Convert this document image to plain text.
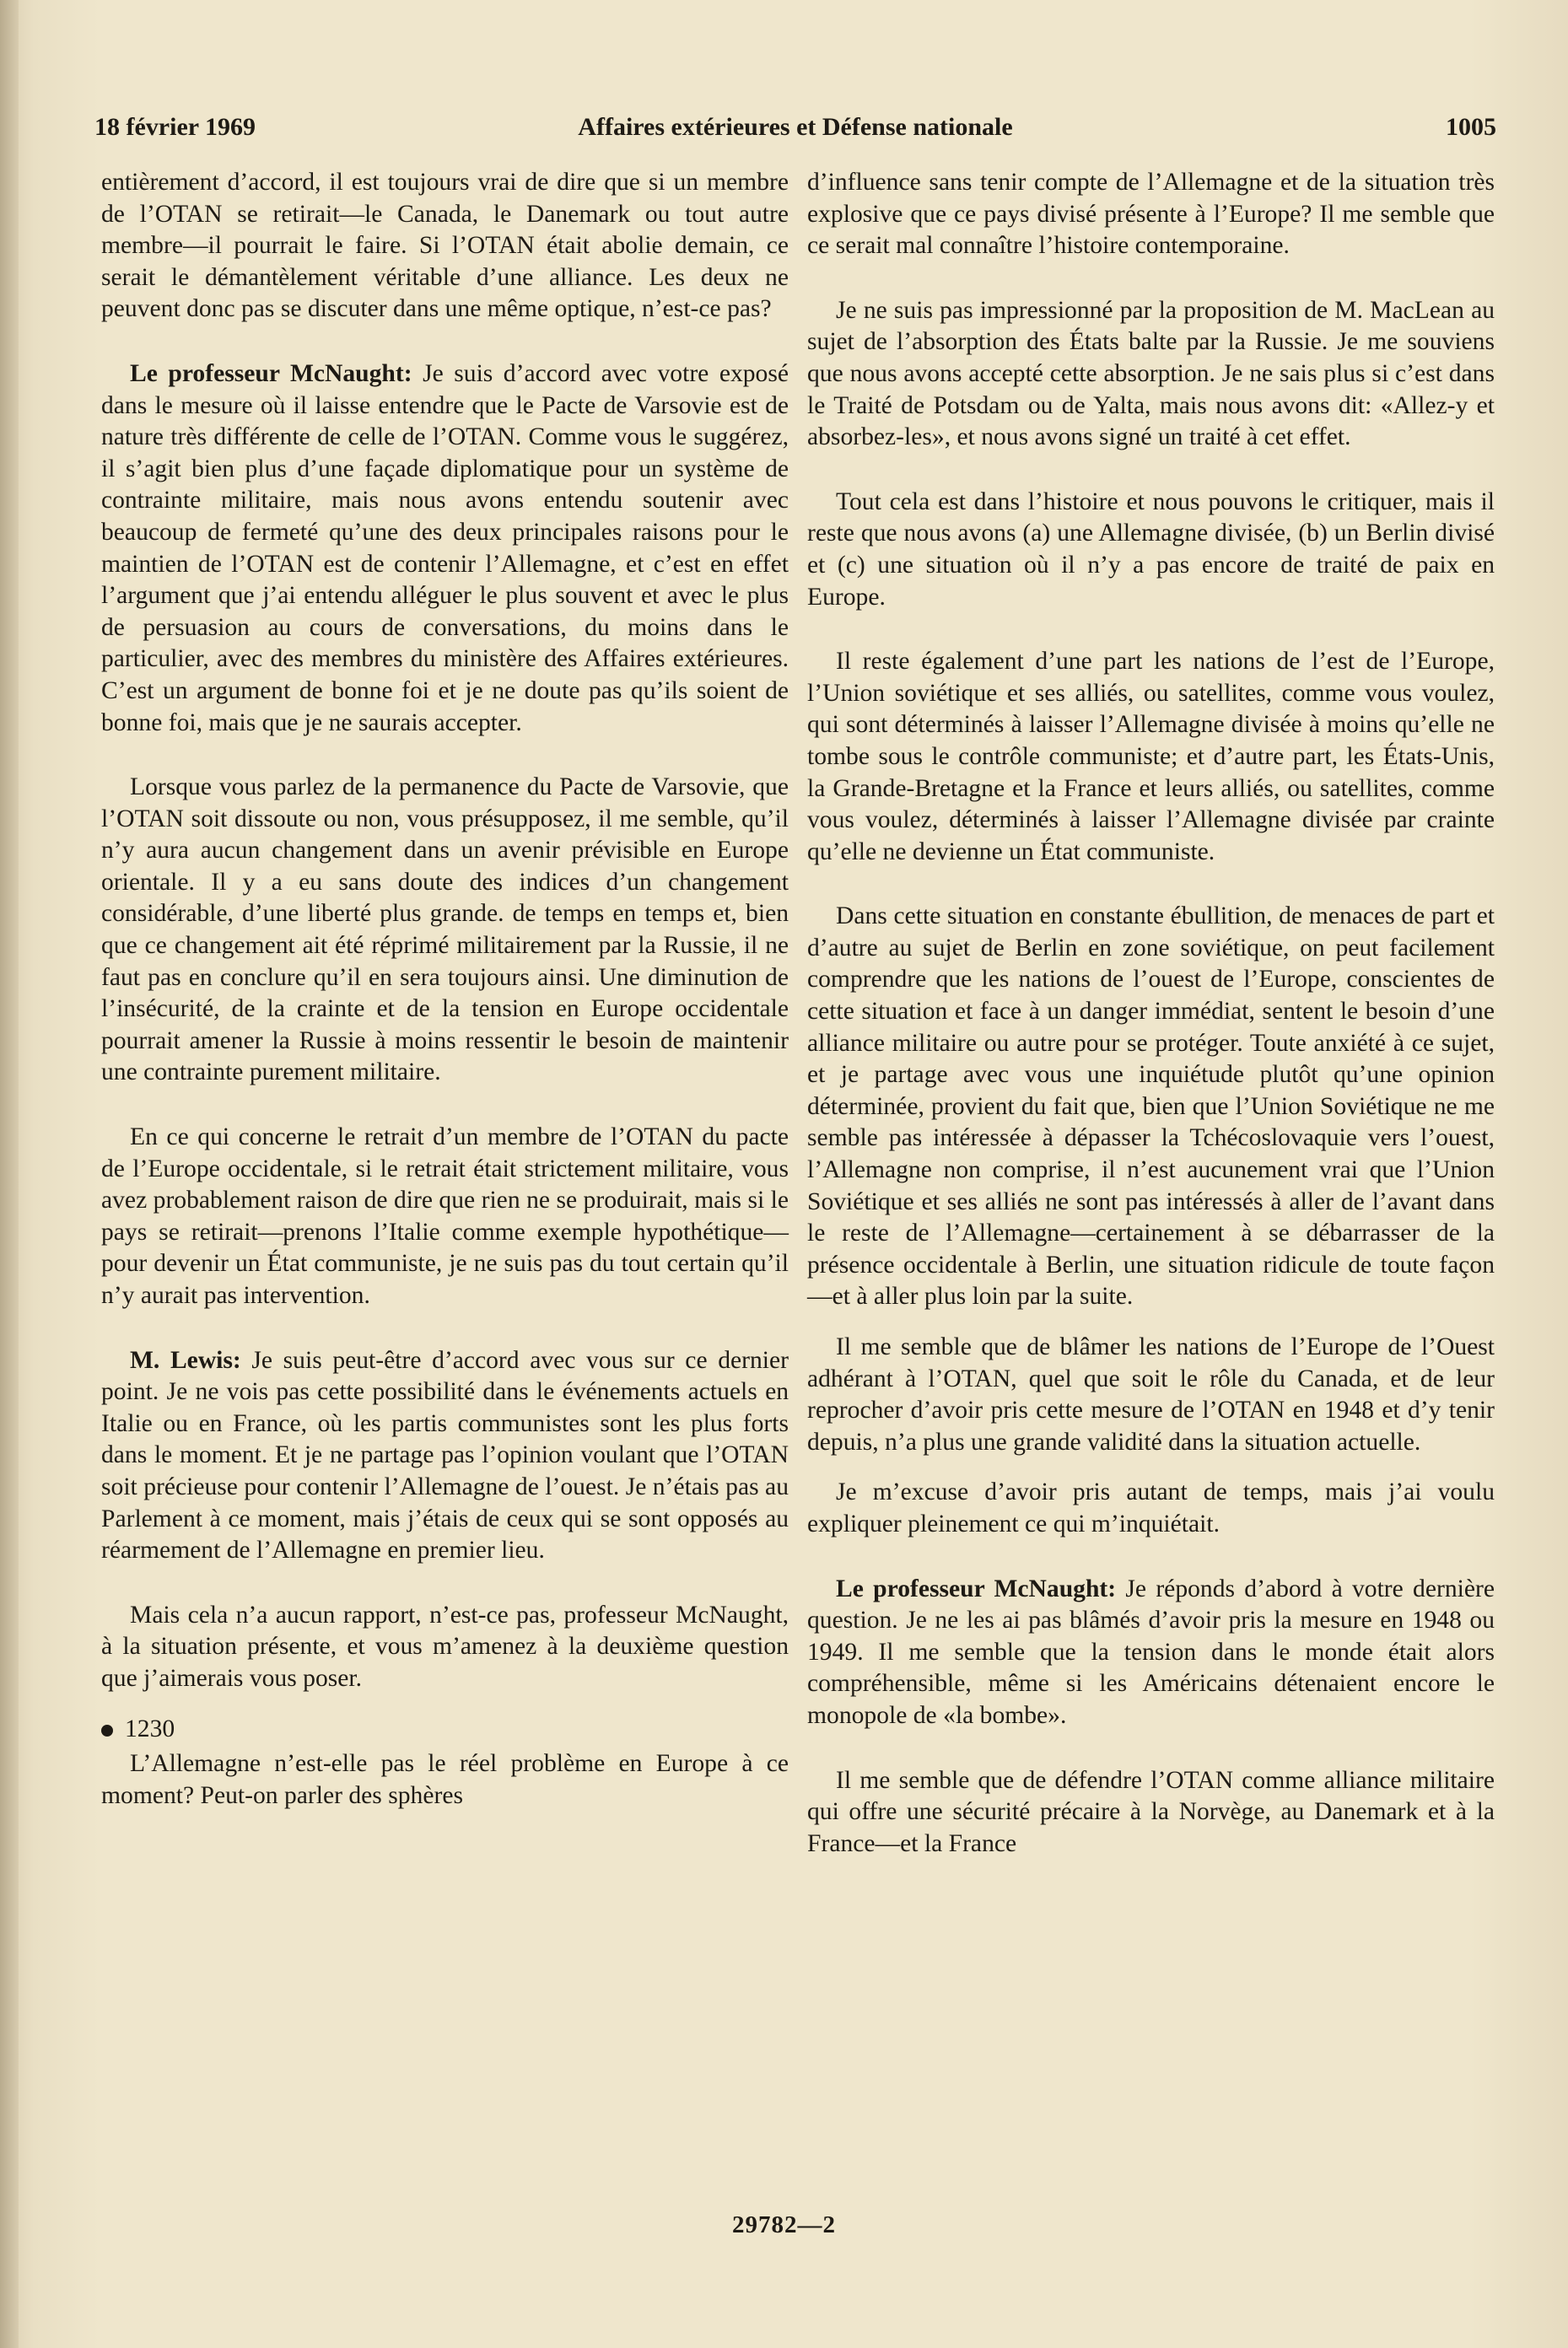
18 février 1969	Affaires extérieures et Défense nationale	1005

entièrement d’accord, il est toujours vrai de dire que si un membre de l’OTAN se retirait—le Canada, le Danemark ou tout autre membre—il pourrait le faire. Si l’OTAN était abolie demain, ce serait le démantèlement véritable d’une alliance. Les deux ne peuvent donc pas se discuter dans une même optique, n’est-ce pas?

Le professeur McNaught: Je suis d’accord avec votre exposé dans le mesure où il laisse entendre que le Pacte de Varsovie est de nature très différente de celle de l’OTAN. Comme vous le suggérez, il s’agit bien plus d’une façade diplomatique pour un système de contrainte militaire, mais nous avons entendu soutenir avec beaucoup de fermeté qu’une des deux principales raisons pour le maintien de l’OTAN est de contenir l’Allemagne, et c’est en effet l’argument que j’ai entendu alléguer le plus souvent et avec le plus de persuasion au cours de conversations, du moins dans le particulier, avec des membres du ministère des Affaires extérieures. C’est un argument de bonne foi et je ne doute pas qu’ils soient de bonne foi, mais que je ne saurais accepter.

Lorsque vous parlez de la permanence du Pacte de Varsovie, que l’OTAN soit dissoute ou non, vous présupposez, il me semble, qu’il n’y aura aucun changement dans un avenir prévisible en Europe orientale. Il y a eu sans doute des indices d’un changement considérable, d’une liberté plus grande. de temps en temps et, bien que ce changement ait été réprimé militairement par la Russie, il ne faut pas en conclure qu’il en sera toujours ainsi. Une diminution de l’insécurité, de la crainte et de la tension en Europe occidentale pourrait amener la Russie à moins ressentir le besoin de maintenir une contrainte purement militaire.

En ce qui concerne le retrait d’un membre de l’OTAN du pacte de l’Europe occidentale, si le retrait était strictement militaire, vous avez probablement raison de dire que rien ne se produirait, mais si le pays se retirait—prenons l’Italie comme exemple hypothétique—pour devenir un État communiste, je ne suis pas du tout certain qu’il n’y aurait pas intervention.

M. Lewis: Je suis peut-être d’accord avec vous sur ce dernier point. Je ne vois pas cette possibilité dans le événements actuels en Italie ou en France, où les partis communistes sont les plus forts dans le moment. Et je ne partage pas l’opinion voulant que l’OTAN soit précieuse pour contenir l’Allemagne de l’ouest. Je n’étais pas au Parlement à ce moment, mais j’étais de ceux qui se sont opposés au réarmement de l’Allemagne en premier lieu.

Mais cela n’a aucun rapport, n’est-ce pas, professeur McNaught, à la situation présente, et vous m’amenez à la deuxième question que j’aimerais vous poser.

1230

L’Allemagne n’est-elle pas le réel problème en Europe à ce moment? Peut-on parler des sphères

d’influence sans tenir compte de l’Allemagne et de la situation très explosive que ce pays divisé présente à l’Europe? Il me semble que ce serait mal connaître l’histoire contemporaine.

Je ne suis pas impressionné par la proposition de M. MacLean au sujet de l’absorption des États balte par la Russie. Je me souviens que nous avons accepté cette absorption. Je ne sais plus si c’est dans le Traité de Potsdam ou de Yalta, mais nous avons dit: «Allez-y et absorbez-les», et nous avons signé un traité à cet effet.

Tout cela est dans l’histoire et nous pouvons le critiquer, mais il reste que nous avons (a) une Allemagne divisée, (b) un Berlin divisé et (c) une situation où il n’y a pas encore de traité de paix en Europe.

Il reste également d’une part les nations de l’est de l’Europe, l’Union soviétique et ses alliés, ou satellites, comme vous voulez, qui sont déterminés à laisser l’Allemagne divisée à moins qu’elle ne tombe sous le contrôle communiste; et d’autre part, les États-Unis, la Grande-Bretagne et la France et leurs alliés, ou satellites, comme vous voulez, déterminés à laisser l’Allemagne divisée par crainte qu’elle ne devienne un État communiste.

Dans cette situation en constante ébullition, de menaces de part et d’autre au sujet de Berlin en zone soviétique, on peut facilement comprendre que les nations de l’ouest de l’Europe, conscientes de cette situation et face à un danger immédiat, sentent le besoin d’une alliance militaire ou autre pour se protéger. Toute anxiété à ce sujet, et je partage avec vous une inquiétude plutôt qu’une opinion déterminée, provient du fait que, bien que l’Union Soviétique ne me semble pas intéressée à dépasser la Tchécoslovaquie vers l’ouest, l’Allemagne non comprise, il n’est aucunement vrai que l’Union Soviétique et ses alliés ne sont pas intéressés à aller de l’avant dans le reste de l’Allemagne—certainement à se débarrasser de la présence occidentale à Berlin, une situation ridicule de toute façon—et à aller plus loin par la suite.

Il me semble que de blâmer les nations de l’Europe de l’Ouest adhérant à l’OTAN, quel que soit le rôle du Canada, et de leur reprocher d’avoir pris cette mesure de l’OTAN en 1948 et d’y tenir depuis, n’a plus une grande validité dans la situation actuelle.

Je m’excuse d’avoir pris autant de temps, mais j’ai voulu expliquer pleinement ce qui m’inquiétait.

Le professeur McNaught: Je réponds d’abord à votre dernière question. Je ne les ai pas blâmés d’avoir pris la mesure en 1948 ou 1949. Il me semble que la tension dans le monde était alors compréhensible, même si les Américains détenaient encore le monopole de «la bombe».

Il me semble que de défendre l’OTAN comme alliance militaire qui offre une sécurité précaire à la Norvège, au Danemark et à la France—et la France

29782—2
